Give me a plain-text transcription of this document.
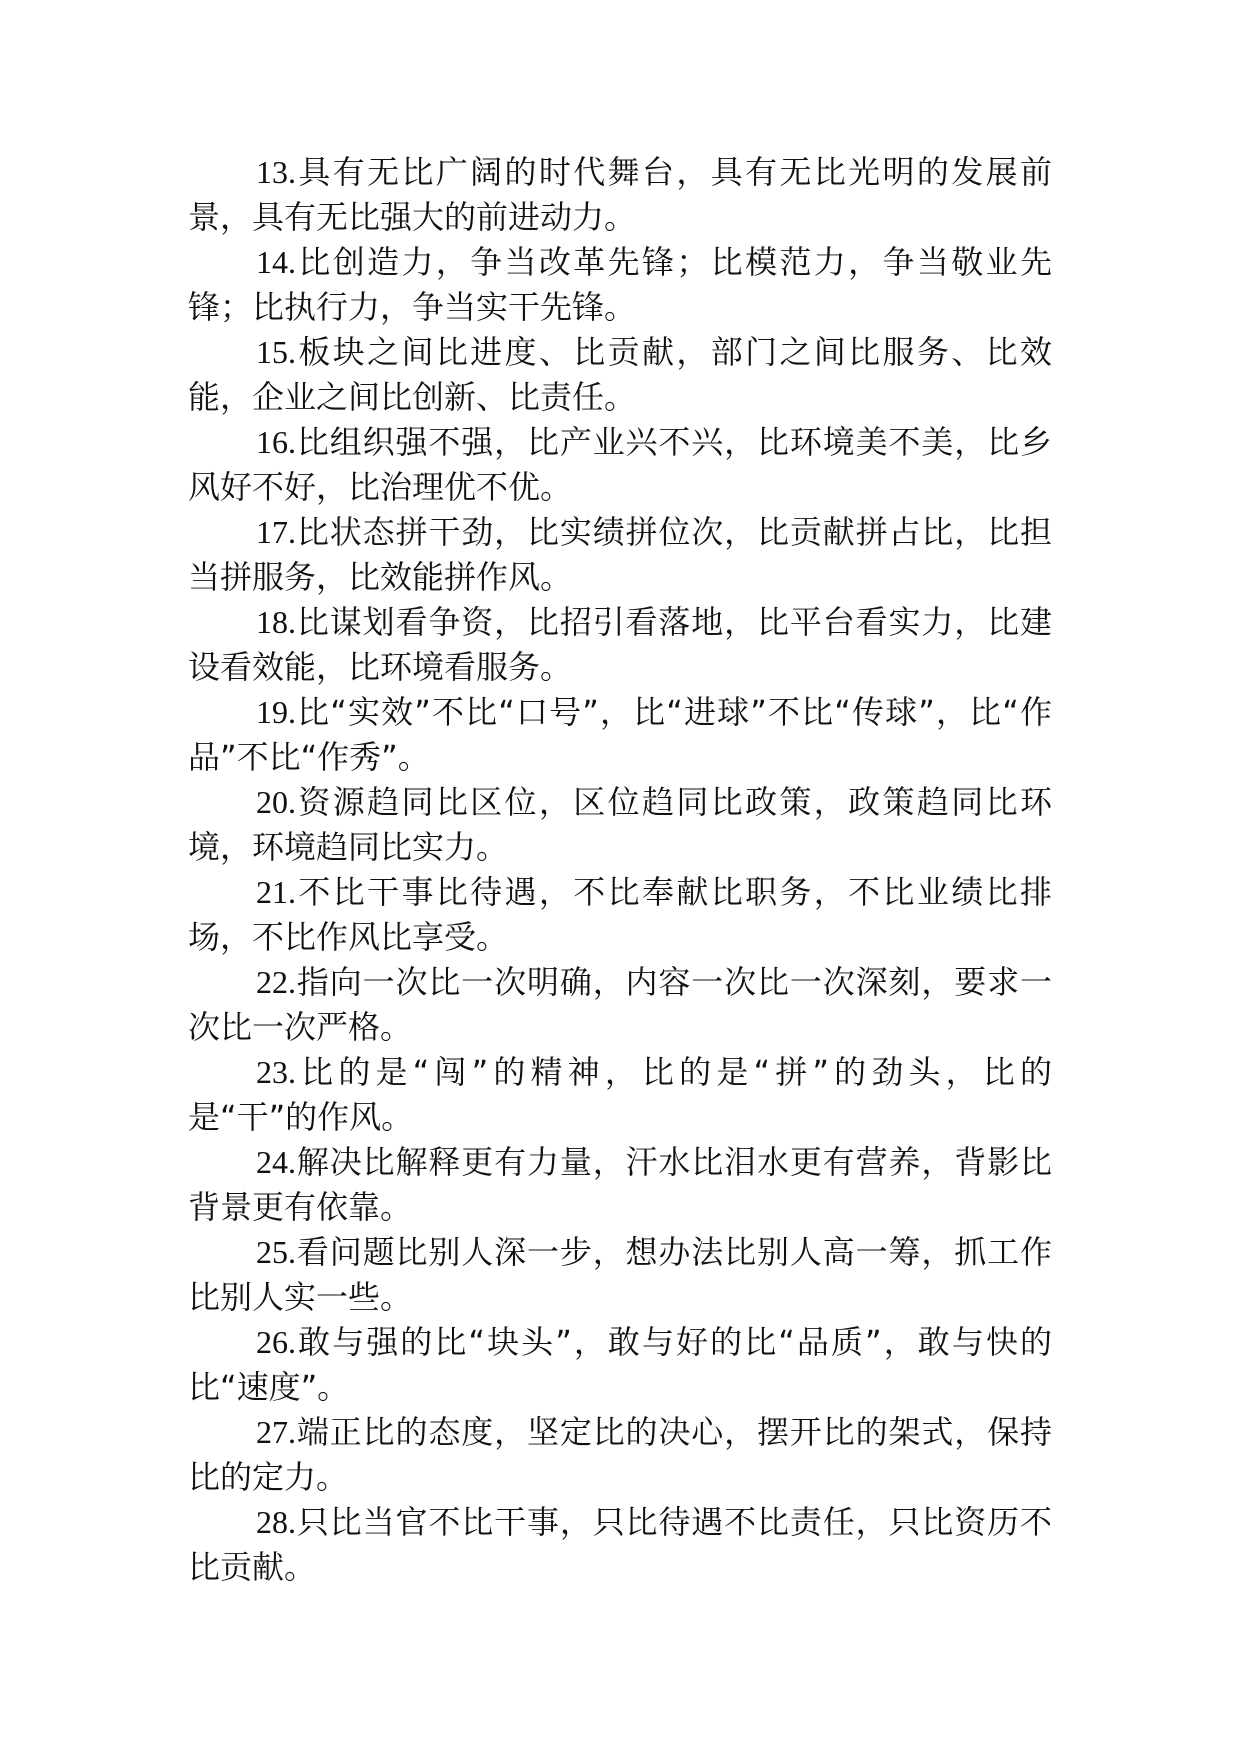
13.具有无比广阔的时代舞台，具有无比光明的发展前景，具有无比强大的前进动力。

14.比创造力，争当改革先锋；比模范力，争当敬业先锋；比执行力，争当实干先锋。

15.板块之间比进度、比贡献，部门之间比服务、比效能，企业之间比创新、比责任。

16.比组织强不强，比产业兴不兴，比环境美不美，比乡风好不好，比治理优不优。

17.比状态拼干劲，比实绩拼位次，比贡献拼占比，比担当拼服务，比效能拼作风。

18.比谋划看争资，比招引看落地，比平台看实力，比建设看效能，比环境看服务。

19.比“实效”不比“口号”，比“进球”不比“传球”，比“作品”不比“作秀”。

20.资源趋同比区位，区位趋同比政策，政策趋同比环境，环境趋同比实力。

21.不比干事比待遇，不比奉献比职务，不比业绩比排场，不比作风比享受。

22.指向一次比一次明确，内容一次比一次深刻，要求一次比一次严格。

23.比的是“闯”的精神，比的是“拼”的劲头，比的是“干”的作风。

24.解决比解释更有力量，汗水比泪水更有营养，背影比背景更有依靠。

25.看问题比别人深一步，想办法比别人高一筹，抓工作比别人实一些。

26.敢与强的比“块头”，敢与好的比“品质”，敢与快的比“速度”。

27.端正比的态度，坚定比的决心，摆开比的架式，保持比的定力。

28.只比当官不比干事，只比待遇不比责任，只比资历不比贡献。
